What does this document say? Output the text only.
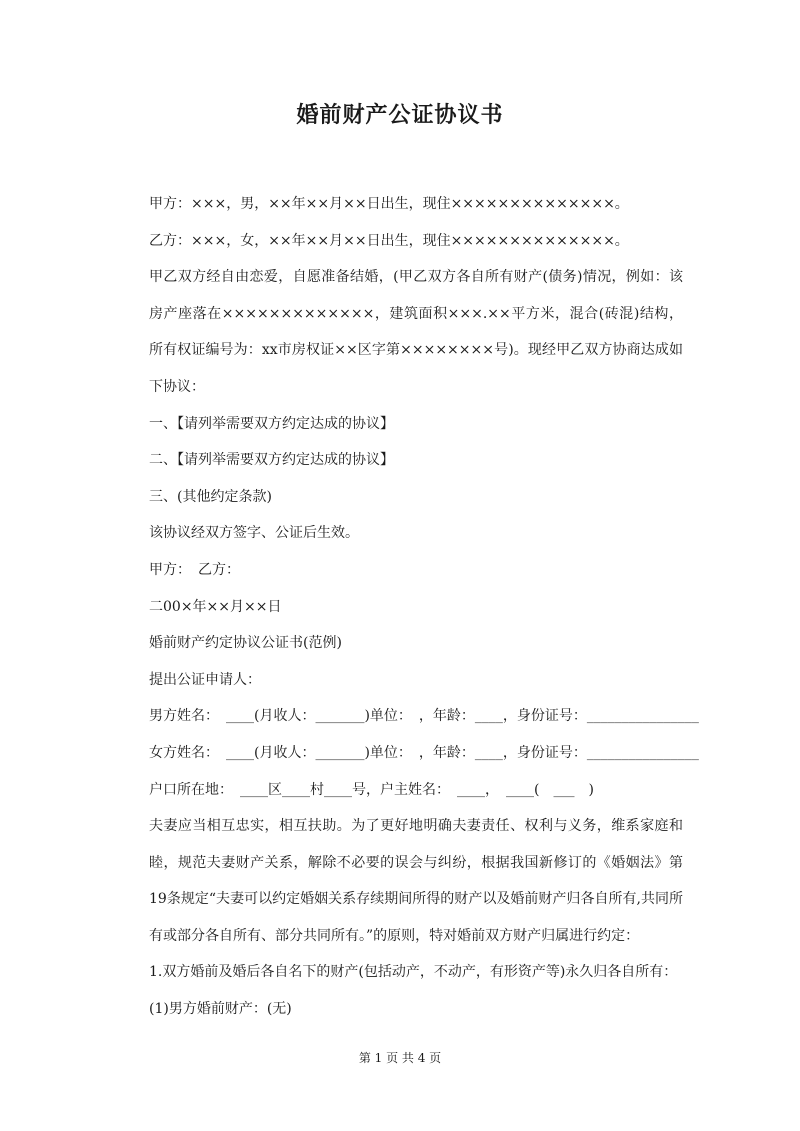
婚前财产公证协议书

甲方：×××，男，××年××月××日出生，现住××××××××××××××。

乙方：×××，女，××年××月××日出生，现住××××××××××××××。

甲乙双方经自由恋爱，自愿准备结婚，(甲乙双方各自所有财产(债务)情况，例如：该房产座落在×××××××××××××，建筑面积×××.××平方米，混合(砖混)结构，所有权证编号为：xx市房权证××区字第××××××××号)。现经甲乙双方协商达成如下协议：

一、【请列举需要双方约定达成的协议】

二、【请列举需要双方约定达成的协议】

三、(其他约定条款)

该协议经双方签字、公证后生效。

甲方：　乙方：

二00×年××月××日

婚前财产约定协议公证书(范例)

提出公证申请人：

男方姓名：　____(月收人：_______)单位：　，年龄：____，身份证号：________________

女方姓名：　____(月收人：_______)单位：　，年龄：____，身份证号：________________

户口所在地：　____区____村____号，户主姓名：　____，　____(　___　)

夫妻应当相互忠实，相互扶助。为了更好地明确夫妻责任、权利与义务，维系家庭和睦，规范夫妻财产关系，解除不必要的误会与纠纷，根据我国新修订的《婚姻法》第19条规定“夫妻可以约定婚姻关系存续期间所得的财产以及婚前财产归各自所有,共同所有或部分各自所有、部分共同所有。”的原则，特对婚前双方财产归属进行约定：

1.双方婚前及婚后各自名下的财产(包括动产，不动产，有形资产等)永久归各自所有：

(1)男方婚前财产：(无)

第 1 页 共 4 页
